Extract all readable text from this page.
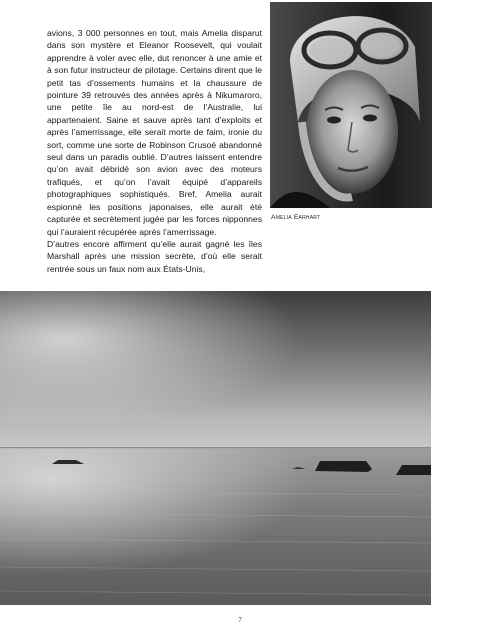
avions, 3 000 personnes en tout, mais Amelia disparut dans son mystère et Eleanor Roosevelt, qui voulait apprendre à voler avec elle, dut renoncer à une amie et à son futur instructeur de pilotage. Certains dirent que le petit tas d’ossements humains et la chaussure de pointure 39 retrouvés des années après à Nikumaroro, une petite île au nord-est de l’Australie, lui appartenaient. Saine et sauve après tant d’exploits et après l’amerrissage, elle serait morte de faim, ironie du sort, comme une sorte de Robinson Crusoé abandonné seul dans un paradis oublié. D’autres laissent entendre qu’on avait débridé son avion avec des moteurs trafiqués, et qu’on l’avait équipé d’appareils photographiques sophistiqués. Bref, Amelia aurait espionné les positions japonaises, elle aurait été capturée et secrètement jugée par les forces nipponnes qui l’auraient récupérée après l’amerrissage.

D’autres encore affirment qu’elle aurait gagné les îles Marshall après une mission secrète, d’où elle serait rentrée sous un faux nom aux États-Unis,

Amelia Earhart
7
